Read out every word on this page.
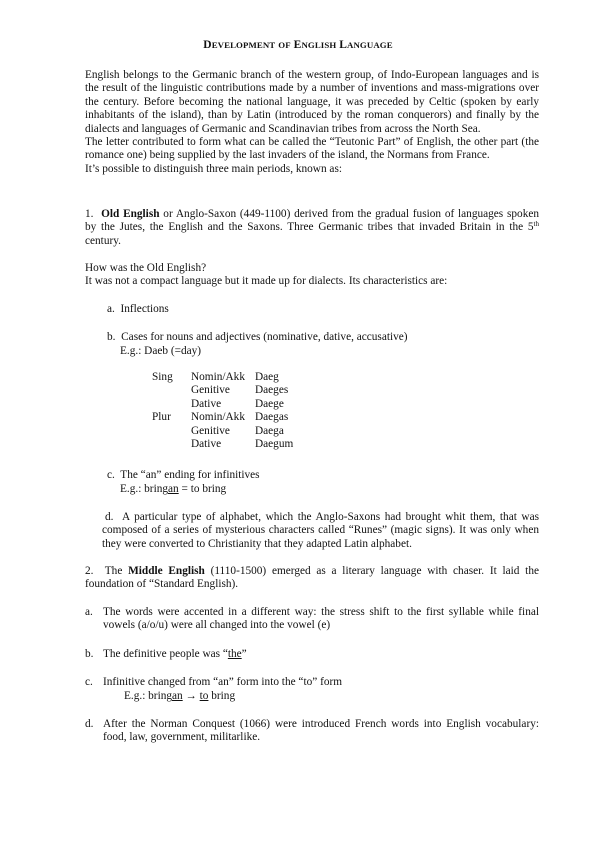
DEVELOPMENT OF ENGLISH LANGUAGE

English belongs to the Germanic branch of the western group, of Indo-European languages and is the result of the linguistic contributions made by a number of inventions and mass-migrations over the century. Before becoming the national language, it was preceded by Celtic (spoken by early inhabitants of the island), than by Latin (introduced by the roman conquerors) and finally by the dialects and languages of Germanic and Scandinavian tribes from across the North Sea.

The letter contributed to form what can be called the “Teutonic Part” of English, the other part (the romance one) being supplied by the last invaders of the island, the Normans from France.

It’s possible to distinguish three main periods, known as:

1. Old English or Anglo-Saxon (449-1100) derived from the gradual fusion of languages spoken by the Jutes, the English and the Saxons. Three Germanic tribes that invaded Britain in the 5th century.

How was the Old English?

It was not a compact language but it made up for dialects. Its characteristics are:

a. Inflections

b. Cases for nouns and adjectives (nominative, dative, accusative)

E.g.: Daeb (=day)

Sing	Nomin/Akk	Daeg
	Genitive	Daeges
	Dative	Daege
Plur	Nomin/Akk	Daegas
	Genitive	Daega
	Dative	Daegum

c. The “an” ending for infinitives

E.g.: bringan = to bring

d. A particular type of alphabet, which the Anglo-Saxons had brought whit them, that was composed of a series of mysterious characters called “Runes” (magic signs). It was only when they were converted to Christianity that they adapted Latin alphabet.

2.  The Middle English (1110-1500) emerged as a literary language with chaser. It laid the foundation of “Standard English).

a. The words were accented in a different way: the stress shift to the first syllable while final vowels (a/o/u) were all changed into the vowel (e)
b. The definitive people was “the”
c. Infinitive changed from “an” form into the “to” form

E.g.: bringan → to bring

d. After the Norman Conquest (1066) were introduced French words into English vocabulary: food, law, government, militarlike.
